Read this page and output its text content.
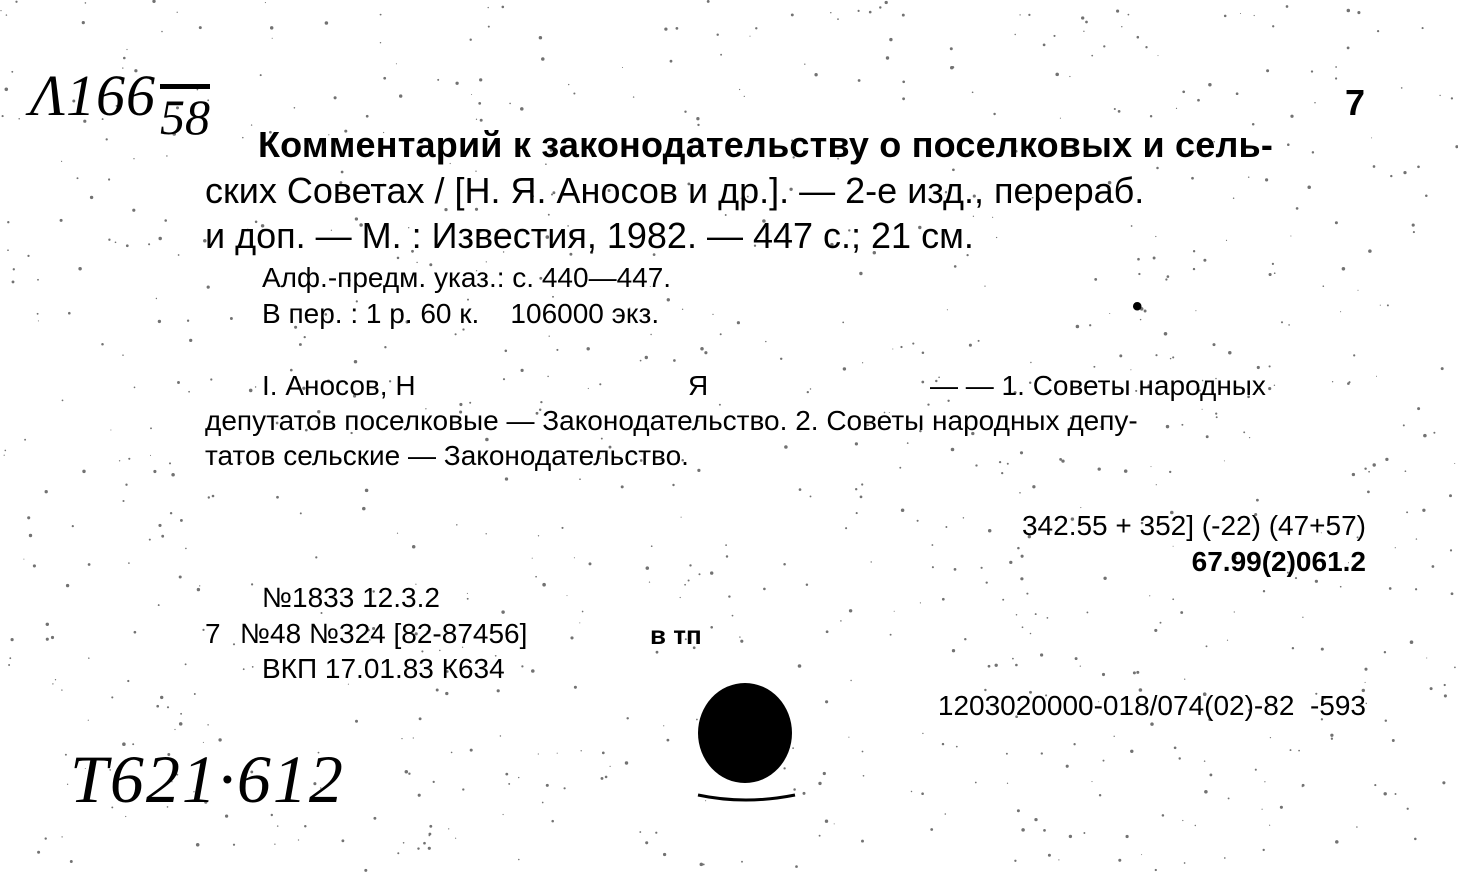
Λ166 58	7
Комментарий к законодательству о поселковых и сель-
ских Советах / [Н. Я. Аносов и др.]. — 2-е изд., перераб.
и доп. — М. : Известия, 1982. — 447 с.; 21 см.
Алф.-предм. указ.: с. 440—447.
В пер. : 1 р. 60 к.    106000 экз.	•
I. Аносов, Н	Я	— — 1. Советы народных
депутатов поселковые — Законодательство. 2. Советы народных депу-
татов сельские — Законодательство.
342.55 + 352] (-22) (47+57)
67.99(2)061.2
№1833 12.3.2
7 №48 №324 [82-87456]	в тп
ВКП 17.01.83 К634
1203020000-018/074(02)-82  -593
Т621·612
